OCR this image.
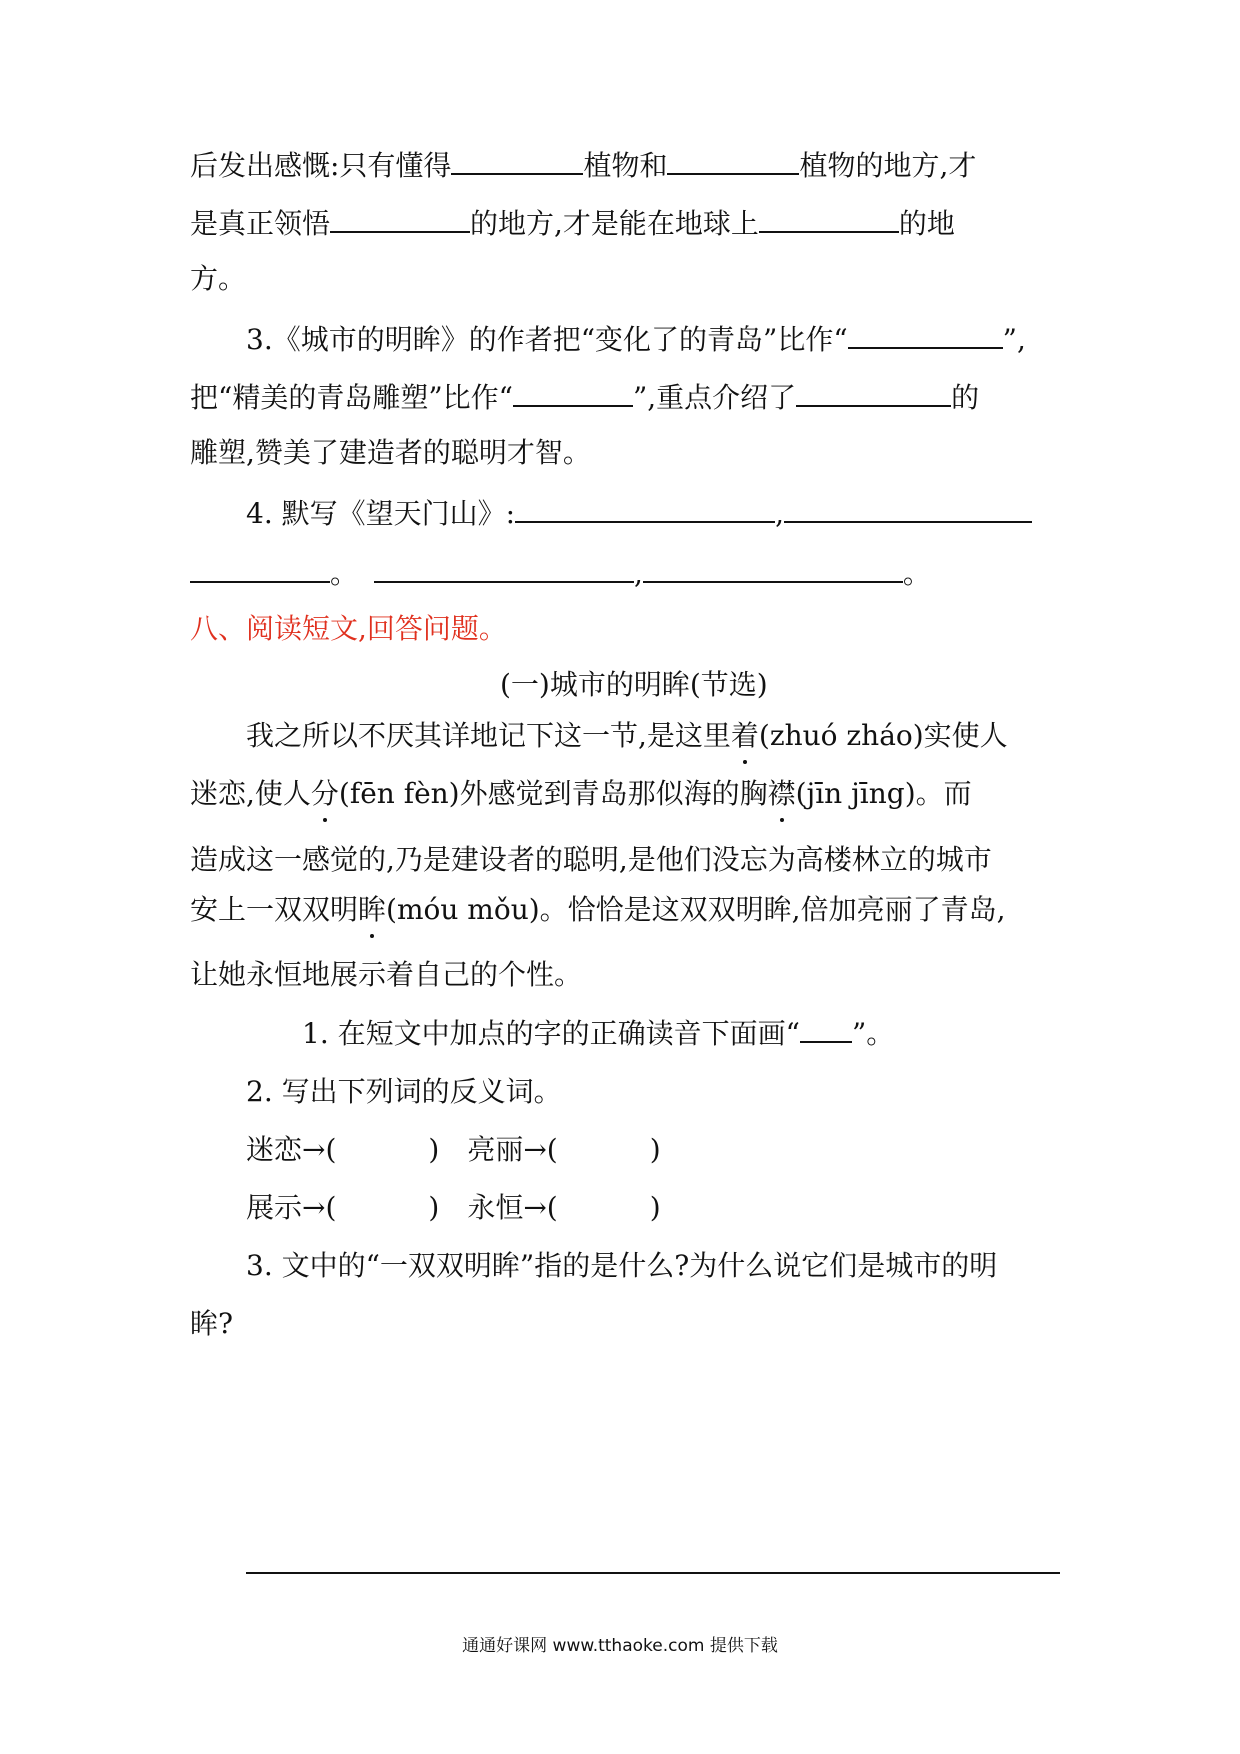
后发出感慨:只有懂得	植物和	植物的地方,才
是真正领悟	的地方,才是能在地球上	的地
方。
3.《城市的明眸》的作者把“变化了的青岛”比作“	”,
把“精美的青岛雕塑”比作“	”,重点介绍了	的
雕塑,赞美了建造者的聪明才智。
4. 默写《望天门山》:	,
。	,	。
八、阅读短文,回答问题。
(一)城市的明眸(节选)
我之所以不厌其详地记下这一节,是这里着(zhuó zháo)实使人
迷恋,使人分(fēn fèn)外感觉到青岛那似海的胸襟(jīn jīng)。而
造成这一感觉的,乃是建设者的聪明,是他们没忘为高楼林立的城市
安上一双双明眸(móu mǒu)。恰恰是这双双明眸,倍加亮丽了青岛,
让她永恒地展示着自己的个性。
1. 在短文中加点的字的正确读音下面画“ ”。
2. 写出下列词的反义词。
迷恋→(	) 亮丽→(	)
展示→(	) 永恒→(	)
3. 文中的“一双双明眸”指的是什么?为什么说它们是城市的明
眸?
通通好课网 www.tthaoke.com 提供下载
